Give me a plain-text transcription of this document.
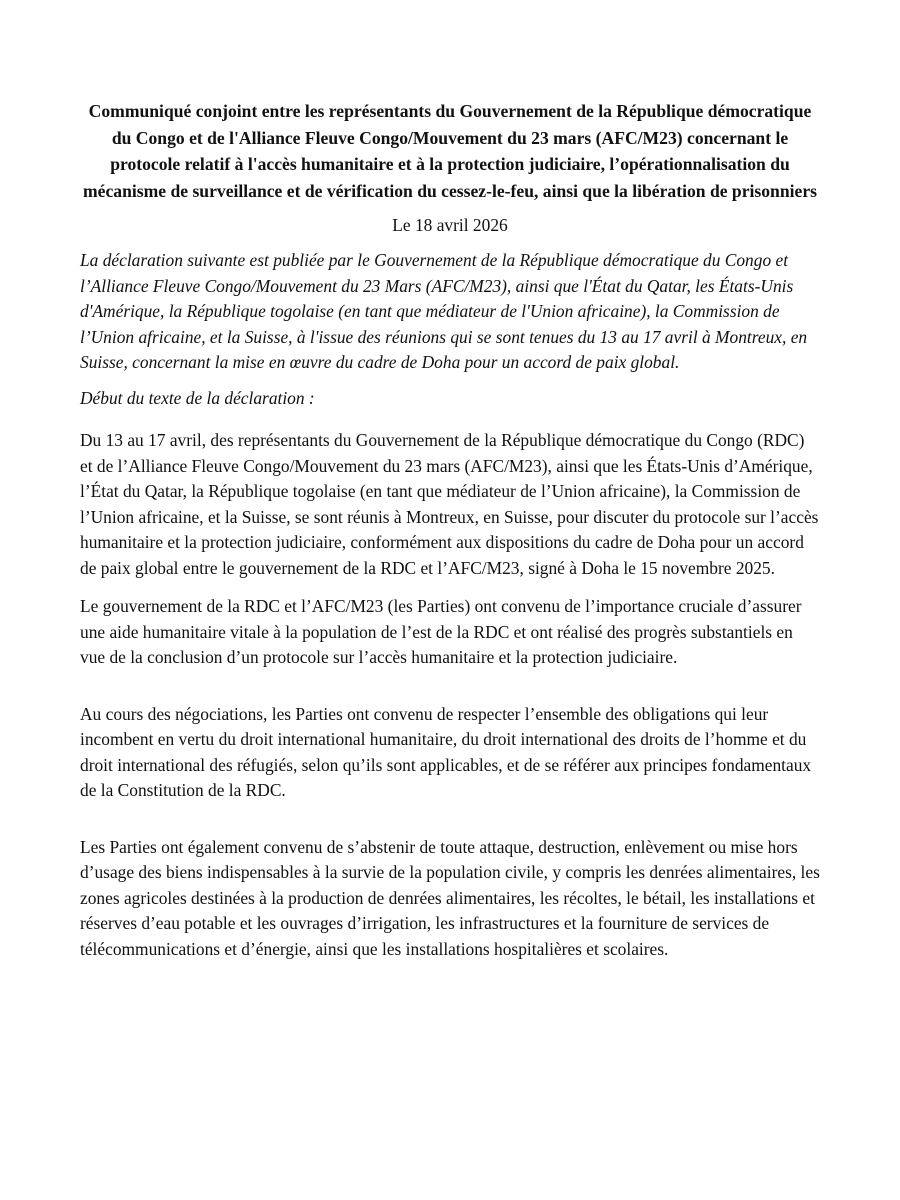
Communiqué conjoint entre les représentants du Gouvernement de la République démocratique du Congo et de l'Alliance Fleuve Congo/Mouvement du 23 mars (AFC/M23) concernant le protocole relatif à l'accès humanitaire et à la protection judiciaire, l’opérationnalisation du mécanisme de surveillance et de vérification du cessez-le-feu, ainsi que la libération de prisonniers

Le 18 avril 2026

La déclaration suivante est publiée par le Gouvernement de la République démocratique du Congo et l’Alliance Fleuve Congo/Mouvement du 23 Mars (AFC/M23), ainsi que l'État du Qatar, les États-Unis d'Amérique, la République togolaise (en tant que médiateur de l'Union africaine), la Commission de l’Union africaine, et la Suisse, à l'issue des réunions qui se sont tenues du 13 au 17 avril à Montreux, en Suisse, concernant la mise en œuvre du cadre de Doha pour un accord de paix global.

Début du texte de la déclaration :

Du 13 au 17 avril, des représentants du Gouvernement de la République démocratique du Congo (RDC) et de l’Alliance Fleuve Congo/Mouvement du 23 mars (AFC/M23), ainsi que les États-Unis d’Amérique, l’État du Qatar, la République togolaise (en tant que médiateur de l’Union africaine), la Commission de l’Union africaine, et la Suisse, se sont réunis à Montreux, en Suisse, pour discuter du protocole sur l’accès humanitaire et la protection judiciaire, conformément aux dispositions du cadre de Doha pour un accord de paix global entre le gouvernement de la RDC et l’AFC/M23, signé à Doha le 15 novembre 2025.

Le gouvernement de la RDC et l’AFC/M23 (les Parties) ont convenu de l’importance cruciale d’assurer une aide humanitaire vitale à la population de l’est de la RDC et ont réalisé des progrès substantiels en vue de la conclusion d’un protocole sur l’accès humanitaire et la protection judiciaire.

Au cours des négociations, les Parties ont convenu de respecter l’ensemble des obligations qui leur incombent en vertu du droit international humanitaire, du droit international des droits de l’homme et du droit international des réfugiés, selon qu’ils sont applicables, et de se référer aux principes fondamentaux de la Constitution de la RDC.

Les Parties ont également convenu de s’abstenir de toute attaque, destruction, enlèvement ou mise hors d’usage des biens indispensables à la survie de la population civile, y compris les denrées alimentaires, les zones agricoles destinées à la production de denrées alimentaires, les récoltes, le bétail, les installations et réserves d’eau potable et les ouvrages d’irrigation, les infrastructures et la fourniture de services de télécommunications et d’énergie, ainsi que les installations hospitalières et scolaires.
